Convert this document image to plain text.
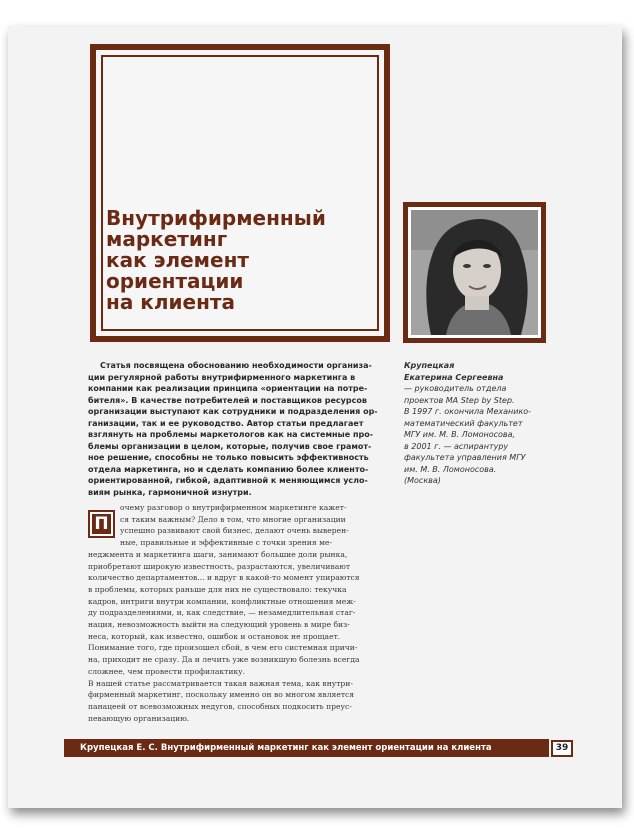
Внутрифирменный
маркетинг
как элемент
ориентации
на клиента
Статья посвящена обоснованию необходимости организа-
ции регулярной работы внутрифирменного маркетинга в
компании как реализации принципа «ориентации на потре-
бителя». В качестве потребителей и поставщиков ресурсов
организации выступают как сотрудники и подразделения ор-
ганизации, так и ее руководство. Автор статьи предлагает
взглянуть на проблемы маркетологов как на системные про-
блемы организации в целом, которые, получив свое грамот-
ное решение, способны не только повысить эффективность
отдела маркетинга, но и сделать компанию более клиенто-
ориентированной, гибкой, адаптивной к меняющимся усло-
виям рынка, гармоничной изнутри.
Крупецкая
Екатерина Сергеевна
— руководитель отдела
проектов МА Step by Step.
В 1997 г. окончила Механико-
математический факультет
МГУ им. М. В. Ломоносова,
в 2001 г. — аспирантуру
факультета управления МГУ
им. М. В. Ломоносова.
(Москва)
П
очему разговор о внутрифирменном маркетинге кажет-
ся таким важным? Дело в том, что многие организации
успешно развивают свой бизнес, делают очень выверен-
ные, правильные и эффективные с точки зрения ме-
неджмента и маркетинга шаги, занимают большие доли рынка,
приобретают широкую известность, разрастаются, увеличивают
количество департаментов... и вдруг в какой-то момент упираются
в проблемы, которых раньше для них не существовало: текучка
кадров, интриги внутри компании, конфликтные отношения меж-
ду подразделениями, и, как следствие, — незамедлительная стаг-
нация, невозможность выйти на следующий уровень в мире биз-
неса, который, как известно, ошибок и остановок не прощает.
Понимание того, где произошел сбой, в чем его системная причи-
на, приходит не сразу. Да и лечить уже возникшую болезнь всегда
сложнее, чем провести профилактику.
В нашей статье рассматривается такая важная тема, как внутри-
фирменный маркетинг, поскольку именно он во многом является
панацеей от всевозможных недугов, способных подкосить преус-
певающую организацию.
Крупецкая Е. С. Внутрифирменный маркетинг как элемент ориентации на клиента	39
